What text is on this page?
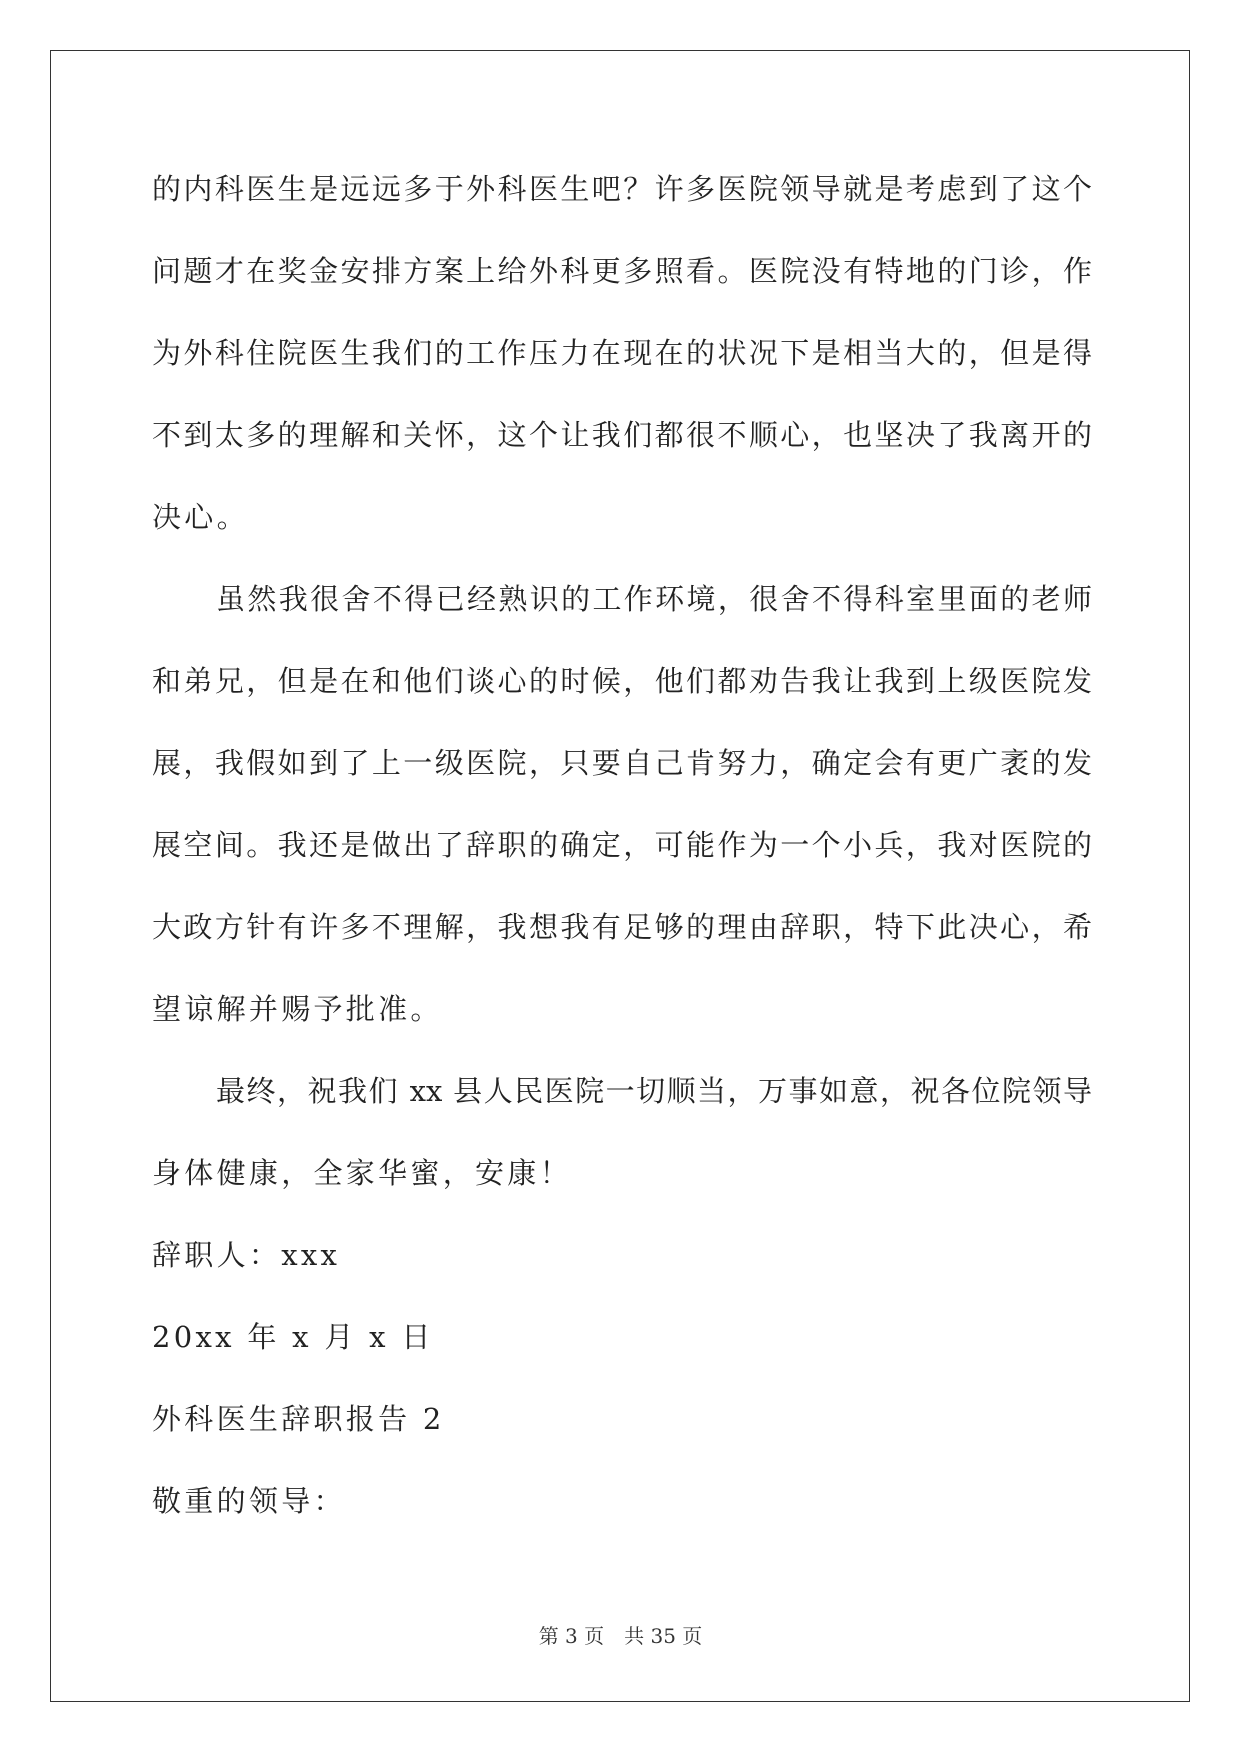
的内科医生是远远多于外科医生吧？许多医院领导就是考虑到了这个
问题才在奖金安排方案上给外科更多照看。医院没有特地的门诊，作
为外科住院医生我们的工作压力在现在的状况下是相当大的，但是得
不到太多的理解和关怀，这个让我们都很不顺心，也坚决了我离开的
决心。
虽然我很舍不得已经熟识的工作环境，很舍不得科室里面的老师
和弟兄，但是在和他们谈心的时候，他们都劝告我让我到上级医院发
展，我假如到了上一级医院，只要自己肯努力，确定会有更广袤的发
展空间。我还是做出了辞职的确定，可能作为一个小兵，我对医院的
大政方针有许多不理解，我想我有足够的理由辞职，特下此决心，希
望谅解并赐予批准。
最终，祝我们 xx 县人民医院一切顺当，万事如意，祝各位院领导
身体健康，全家华蜜，安康！
辞职人：xxx
20xx 年 x 月 x 日
外科医生辞职报告 2
敬重的领导：
第 3 页　共 35 页
